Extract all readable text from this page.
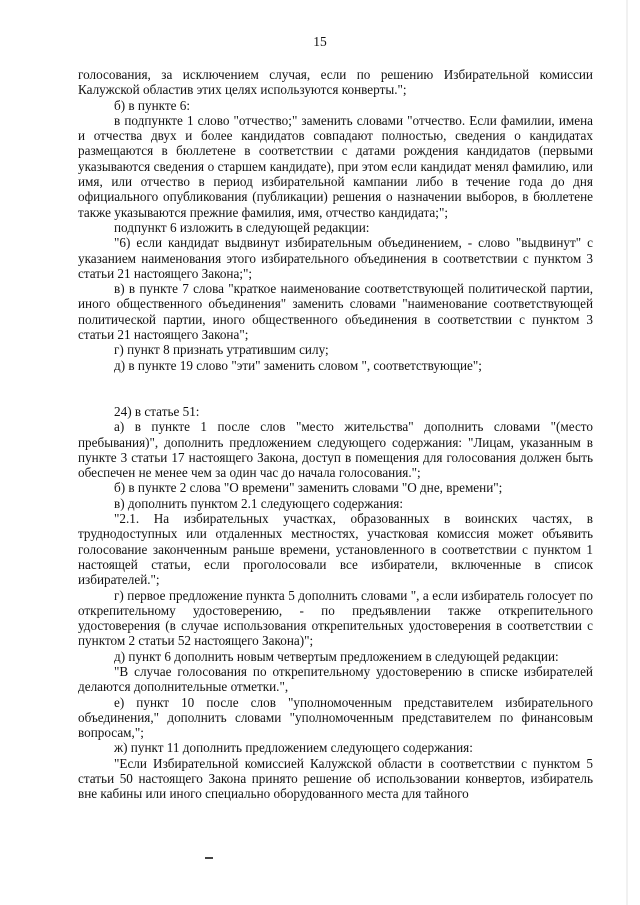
15

голосования, за исключением случая, если по решению Избирательной комиссии Калужской областив этих целях используются конверты.";

б) в пункте 6:

в подпункте 1 слово "отчество;" заменить словами "отчество. Если фамилии, имена и отчества двух и более кандидатов совпадают полностью, сведения о кандидатах размещаются в бюллетене в соответствии с датами рождения кандидатов (первыми указываются сведения о старшем кандидате), при этом если кандидат менял фамилию, или имя, или отчество в период избирательной кампании либо в течение года до дня официального опубликования (публикации) решения о назначении выборов, в бюллетене также указываются прежние фамилия, имя, отчество кандидата;";

подпункт 6 изложить в следующей редакции:

"6) если кандидат выдвинут избирательным объединением, - слово "выдвинут" с указанием наименования этого избирательного объединения в соответствии с пунктом 3 статьи 21 настоящего Закона;";

в) в пункте 7 слова "краткое наименование соответствующей политической партии, иного общественного объединения" заменить словами "наименование соответствующей политической партии, иного общественного объединения в соответствии с пунктом 3 статьи 21 настоящего Закона";

г) пункт 8 признать утратившим силу;

д) в пункте 19 слово "эти" заменить словом ", соответствующие";

24) в статье 51:

а) в пункте 1 после слов "место жительства" дополнить словами "(место пребывания)", дополнить предложением следующего содержания: "Лицам, указанным в пункте 3 статьи 17 настоящего Закона, доступ в помещения для голосования должен быть обеспечен не менее чем за один час до начала голосования.";

б) в пункте 2 слова "О времени" заменить словами "О дне, времени";

в) дополнить пунктом 2.1 следующего содержания:

"2.1. На избирательных участках, образованных в воинских частях, в труднодоступных или отдаленных местностях, участковая комиссия может объявить голосование законченным раньше времени, установленного в соответствии с пунктом 1 настоящей статьи, если проголосовали все избиратели, включенные в список избирателей.";

г) первое предложение пункта 5 дополнить словами ", а если избиратель голосует по открепительному удостоверению, - по предъявлении также открепительного удостоверения (в случае использования открепительных удостоверения в соответствии с пунктом 2 статьи 52 настоящего Закона)";

д) пункт 6 дополнить новым четвертым предложением в следующей редакции:

"В случае голосования по открепительному удостоверению в списке избирателей делаются дополнительные отметки.",

е) пункт 10 после слов "уполномоченным представителем избирательного объединения," дополнить словами "уполномоченным представителем по финансовым вопросам,";

ж) пункт 11 дополнить предложением следующего содержания:

"Если Избирательной комиссией Калужской области в соответствии с пунктом 5 статьи 50 настоящего Закона принято решение об использовании конвертов, избиратель вне кабины или иного специально оборудованного места для тайного
